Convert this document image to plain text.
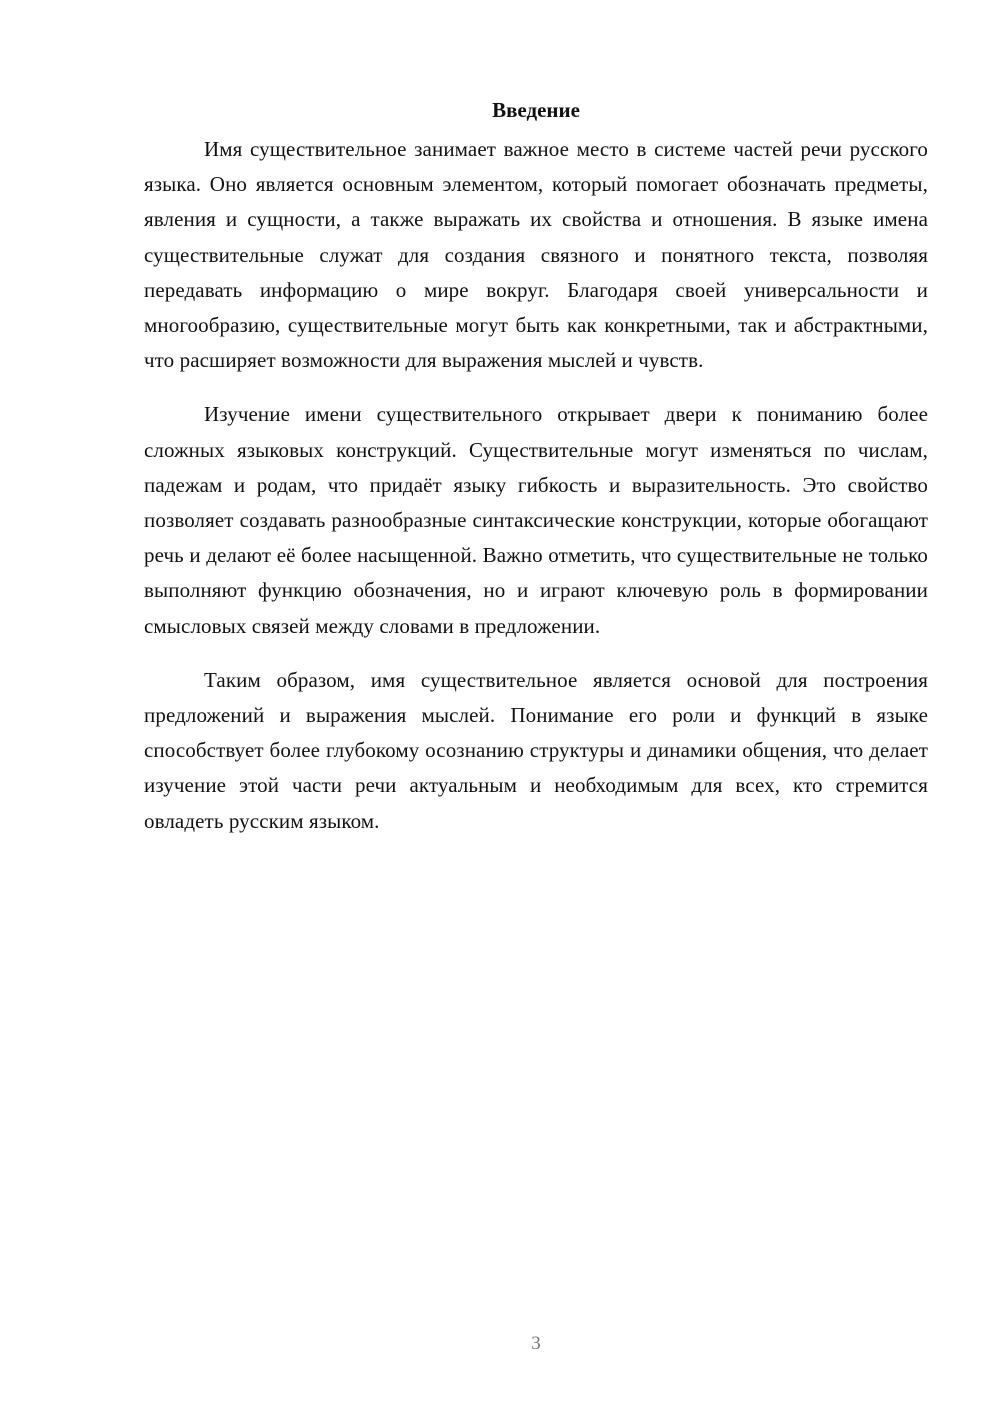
Введение

Имя существительное занимает важное место в системе частей речи русского языка. Оно является основным элементом, который помогает обозначать предметы, явления и сущности, а также выражать их свойства и отношения. В языке имена существительные служат для создания связного и понятного текста, позволяя передавать информацию о мире вокруг. Благодаря своей универсальности и многообразию, существительные могут быть как конкретными, так и абстрактными, что расширяет возможности для выражения мыслей и чувств.

Изучение имени существительного открывает двери к пониманию более сложных языковых конструкций. Существительные могут изменяться по числам, падежам и родам, что придаёт языку гибкость и выразительность. Это свойство позволяет создавать разнообразные синтаксические конструкции, которые обогащают речь и делают её более насыщенной. Важно отметить, что существительные не только выполняют функцию обозначения, но и играют ключевую роль в формировании смысловых связей между словами в предложении.

Таким образом, имя существительное является основой для построения предложений и выражения мыслей. Понимание его роли и функций в языке способствует более глубокому осознанию структуры и динамики общения, что делает изучение этой части речи актуальным и необходимым для всех, кто стремится овладеть русским языком.

3
